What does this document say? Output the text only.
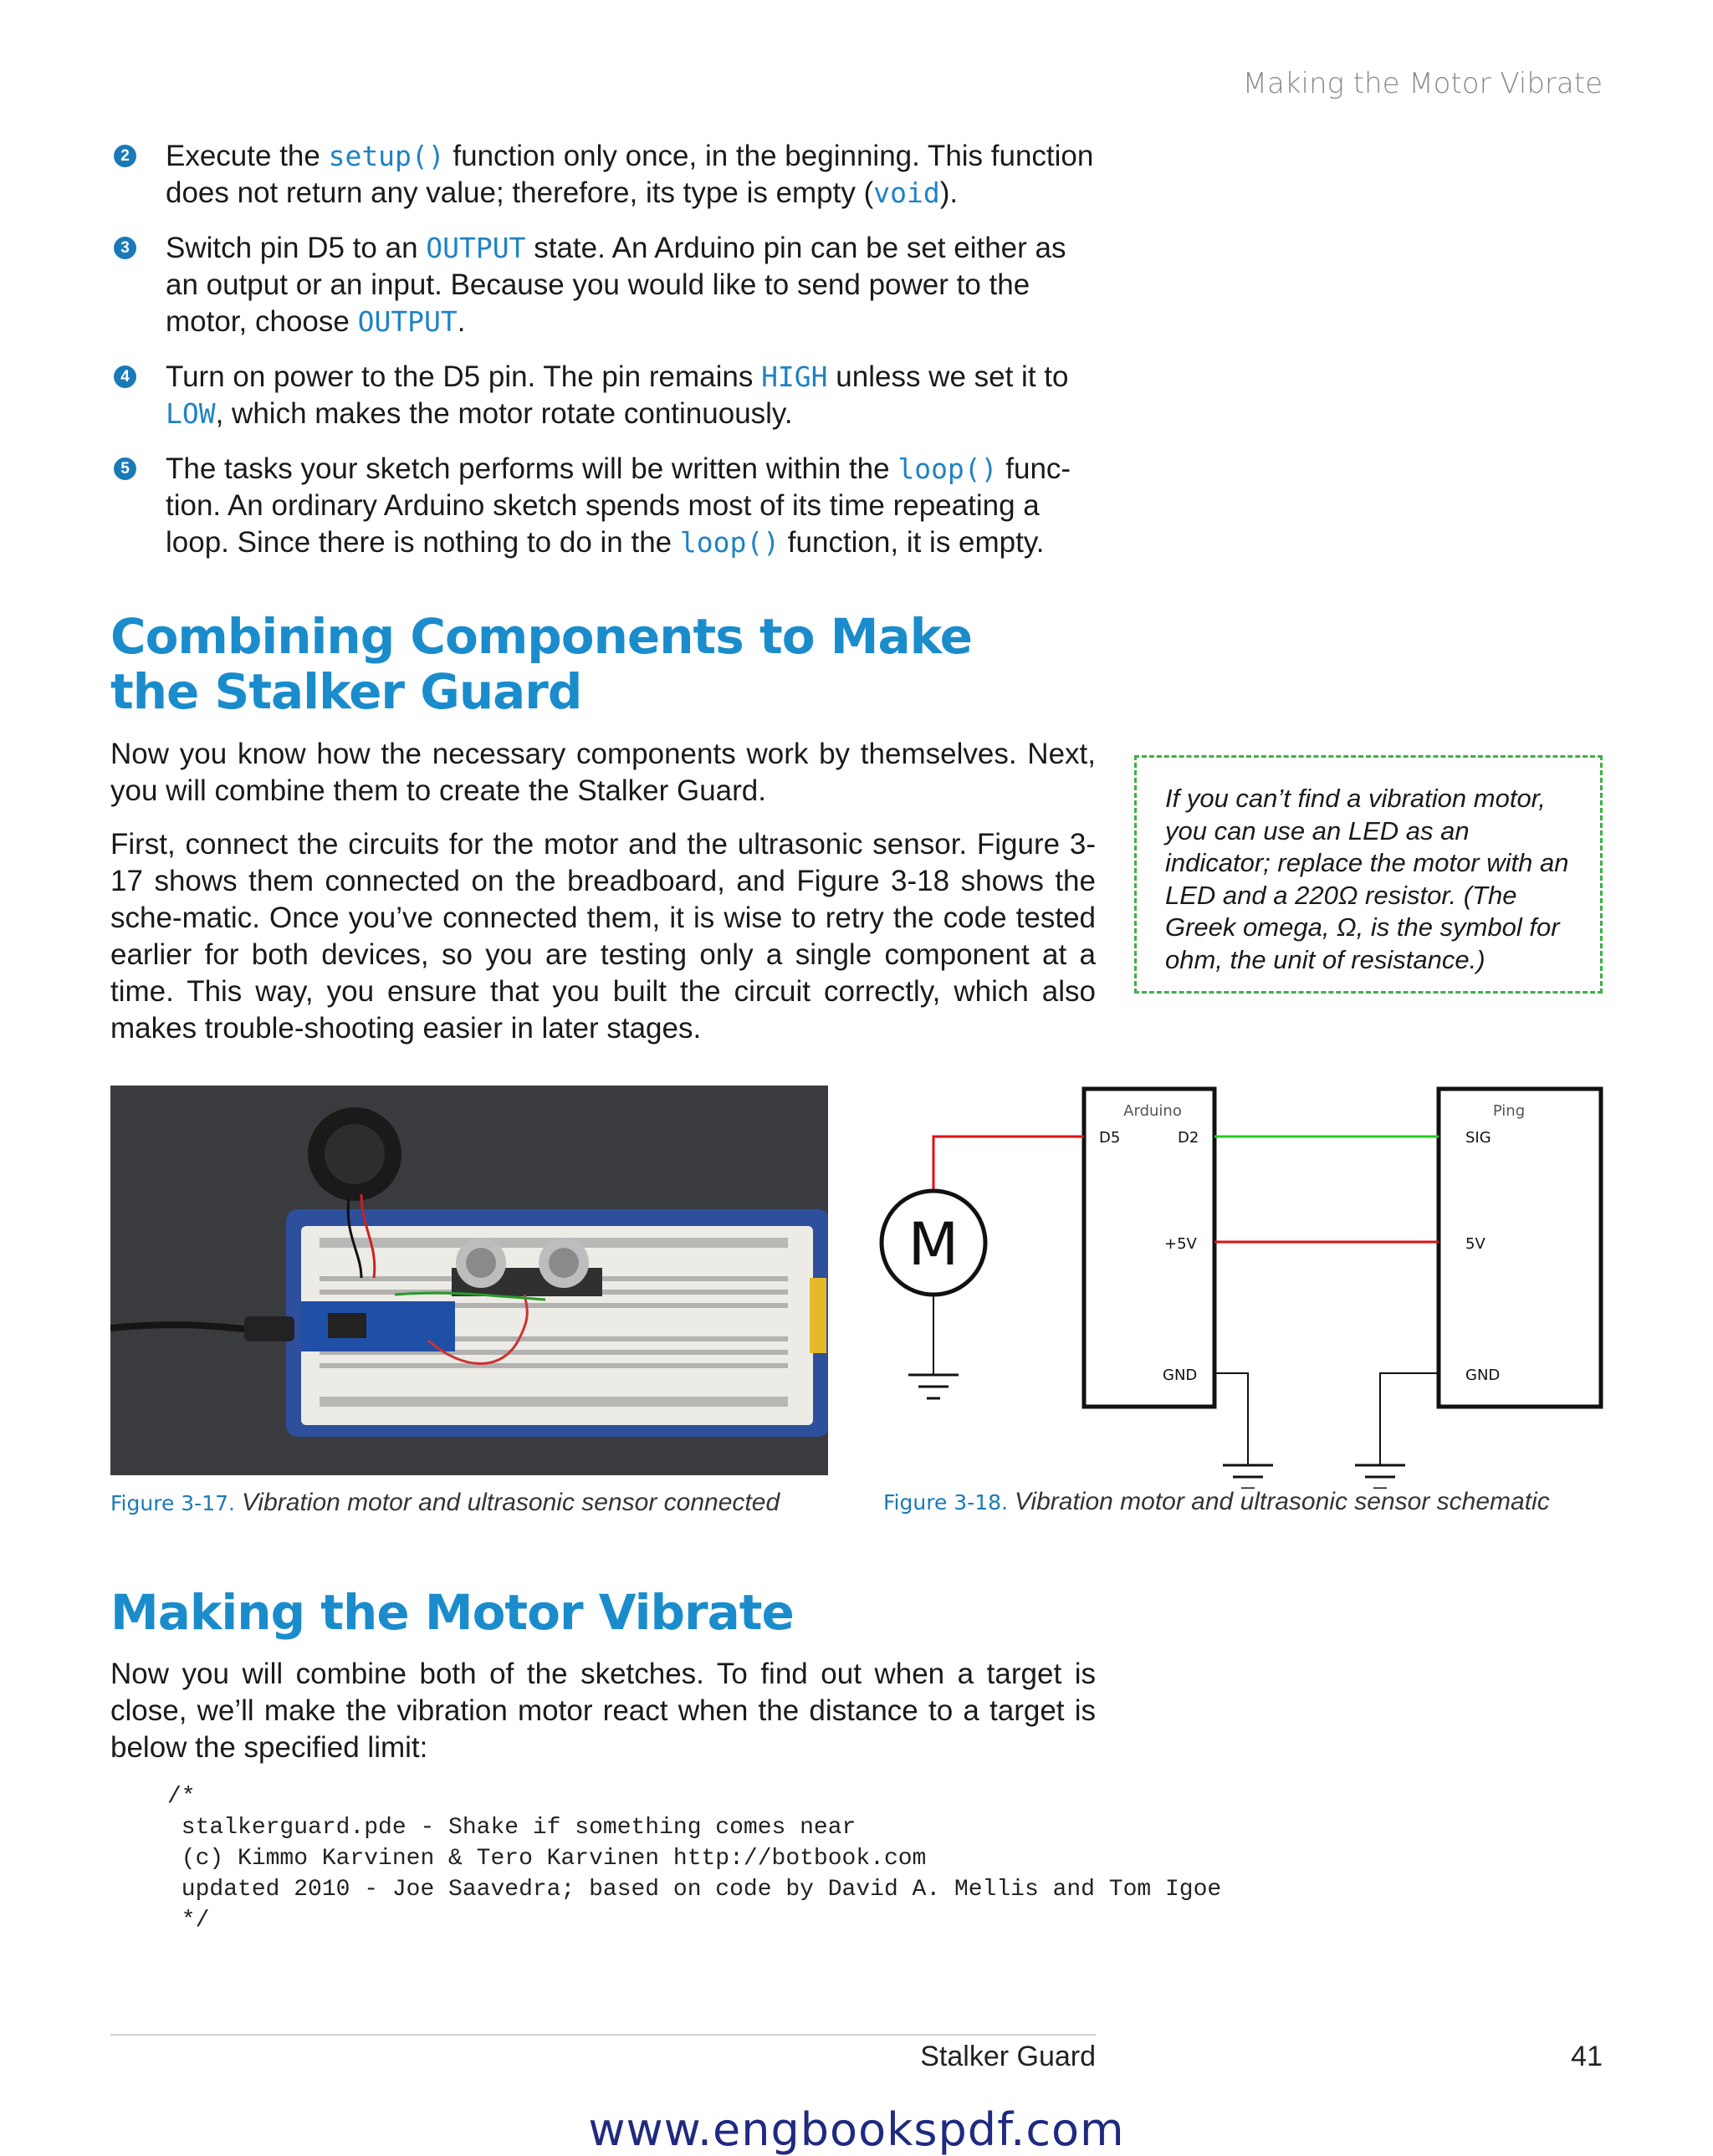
Making the Motor Vibrate
2 Execute the setup() function only once, in the beginning. This function does not return any value; therefore, its type is empty (void).
3 Switch pin D5 to an OUTPUT state. An Arduino pin can be set either as an output or an input. Because you would like to send power to the motor, choose OUTPUT.
4 Turn on power to the D5 pin. The pin remains HIGH unless we set it to LOW, which makes the motor rotate continuously.
5 The tasks your sketch performs will be written within the loop() func-tion. An ordinary Arduino sketch spends most of its time repeating a loop. Since there is nothing to do in the loop() function, it is empty.
Combining Components to Make
the Stalker Guard

Now you know how the necessary components work by themselves. Next, you will combine them to create the Stalker Guard.

First, connect the circuits for the motor and the ultrasonic sensor. Figure 3-17 shows them connected on the breadboard, and Figure 3-18 shows the sche-matic. Once you’ve connected them, it is wise to retry the code tested earlier for both devices, so you are testing only a single component at a time. This way, you ensure that you built the circuit correctly, which also makes trouble-shooting easier in later stages.

If you can’t find a vibration motor, you can use an LED as an indicator; replace the motor with an LED and a 220Ω resistor. (The Greek omega, Ω, is the symbol for ohm, the unit of resistance.)
Figure 3-17. Vibration motor and ultrasonic sensor connected
Arduino
D5	D2
+5V
GND
Ping
SIG
5V
GND
M
Figure 3-18. Vibration motor and ultrasonic sensor schematic
Making the Motor Vibrate

Now you will combine both of the sketches. To find out when a target is close, we’ll make the vibration motor react when the distance to a target is below the specified limit:

/*
stalkerguard.pde - Shake if something comes near
(c) Kimmo Karvinen & Tero Karvinen http://botbook.com
updated 2010 - Joe Saavedra; based on code by David A. Mellis and Tom Igoe
*/
Stalker Guard	41
www.engbookspdf.com
